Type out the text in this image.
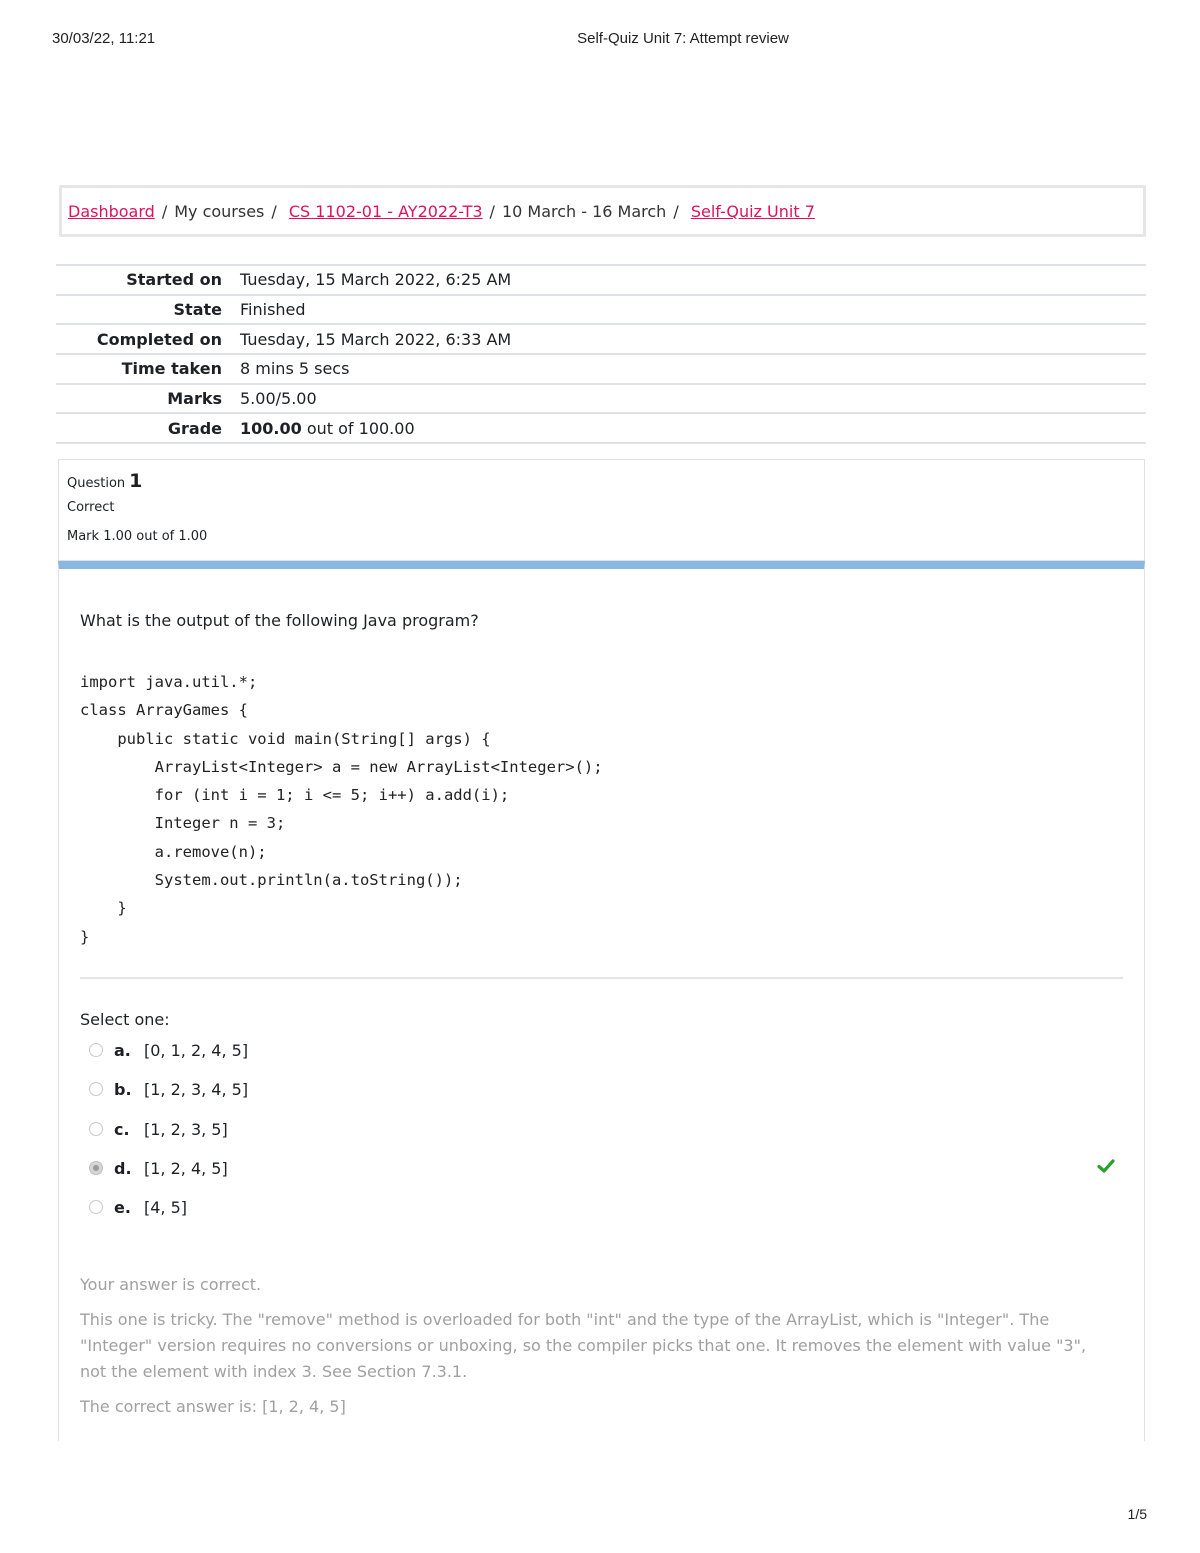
30/03/22, 11:21	Self-Quiz Unit 7: Attempt review
Dashboard / My courses / CS 1102-01 - AY2022-T3 / 10 March - 16 March / Self-Quiz Unit 7
Started on	Tuesday, 15 March 2022, 6:25 AM
State	Finished
Completed on	Tuesday, 15 March 2022, 6:33 AM
Time taken	8 mins 5 secs
Marks	5.00/5.00
Grade	100.00 out of 100.00
Question 1
Correct
Mark 1.00 out of 1.00
What is the output of the following Java program?
import java.util.*;
class ArrayGames {
public static void main(String[] args) {
ArrayList<Integer> a = new ArrayList<Integer>();
for (int i = 1; i <= 5; i++) a.add(i);
Integer n = 3;
a.remove(n);
System.out.println(a.toString());
}
}
Select one:
a. [0, 1, 2, 4, 5]
b. [1, 2, 3, 4, 5]
c. [1, 2, 3, 5]
d. [1, 2, 4, 5]
e. [4, 5]
Your answer is correct.
This one is tricky. The "remove" method is overloaded for both "int" and the type of the ArrayList, which is "Integer". The "Integer" version requires no conversions or unboxing, so the compiler picks that one. It removes the element with value "3", not the element with index 3. See Section 7.3.1.
The correct answer is: [1, 2, 4, 5]
1/5
